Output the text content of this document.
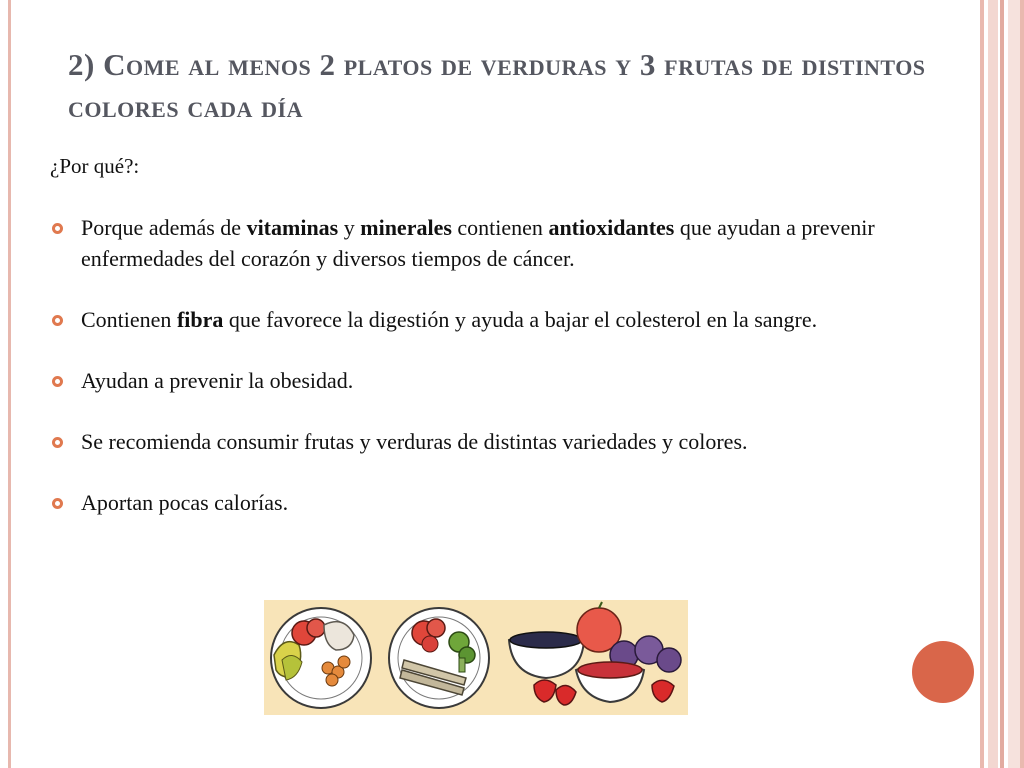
2) Come al menos 2 platos de verduras y 3 frutas de distintos colores cada día
¿Por qué?:
Porque además de vitaminas y minerales contienen antioxidantes que ayudan a prevenir enfermedades del corazón y diversos tiempos de cáncer.
Contienen fibra que favorece la digestión y ayuda a bajar el colesterol en la sangre.
Ayudan a prevenir la obesidad.
Se recomienda consumir frutas y verduras de distintas variedades y colores.
Aportan pocas calorías.
